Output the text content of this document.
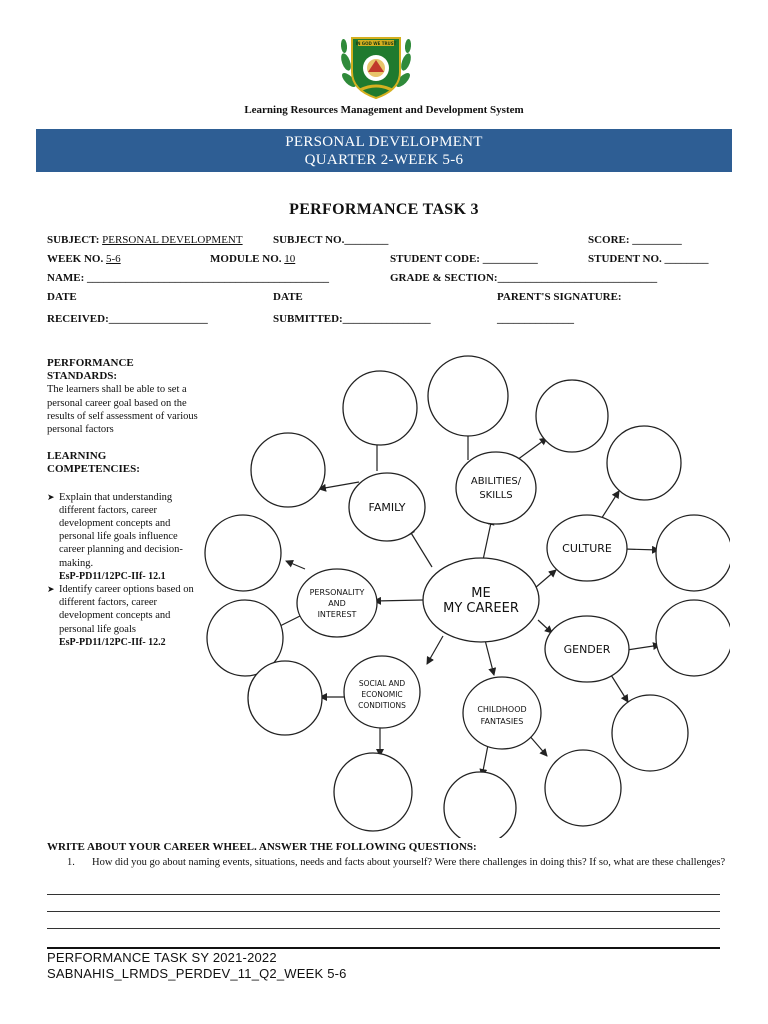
IN GOD WE TRUST
Learning Resources Management and Development System
PERSONAL DEVELOPMENT
QUARTER 2-WEEK 5-6
PERFORMANCE TASK 3
SUBJECT: PERSONAL DEVELOPMENT	SUBJECT NO.________	SCORE: _________
WEEK NO. 5-6	MODULE NO. 10	STUDENT CODE: __________	STUDENT NO. ________
NAME: ____________________________________________	GRADE & SECTION:_____________________________
DATE	DATE	PARENT'S SIGNATURE:
RECEIVED:__________________	SUBMITTED:________________	______________
PERFORMANCE
STANDARDS:
The learners shall be able to set a personal career goal based on the results of self assessment of various personal factors
LEARNING
COMPETENCIES:
➤ Explain that understanding different factors, career development concepts and personal life goals influence career planning and decision- making.
EsP-PD11/12PC-IIf- 12.1
➤ Identify career options based on different factors, career development concepts and personal life goals
EsP-PD11/12PC-IIf- 12.2
ME
MY CAREER
FAMILY
ABILITIES/
SKILLS
CULTURE
GENDER
PERSONALITY
AND
INTEREST
SOCIAL AND
ECONOMIC
CONDITIONS	CHILDHOOD
FANTASIES
WRITE ABOUT YOUR CAREER WHEEL. ANSWER THE FOLLOWING QUESTIONS:
1.	How did you go about naming events, situations, needs and facts about yourself? Were there challenges in doing this? If so, what are these challenges?
PERFORMANCE TASK SY 2021-2022
SABNAHIS_LRMDS_PERDEV_11_Q2_WEEK 5-6
